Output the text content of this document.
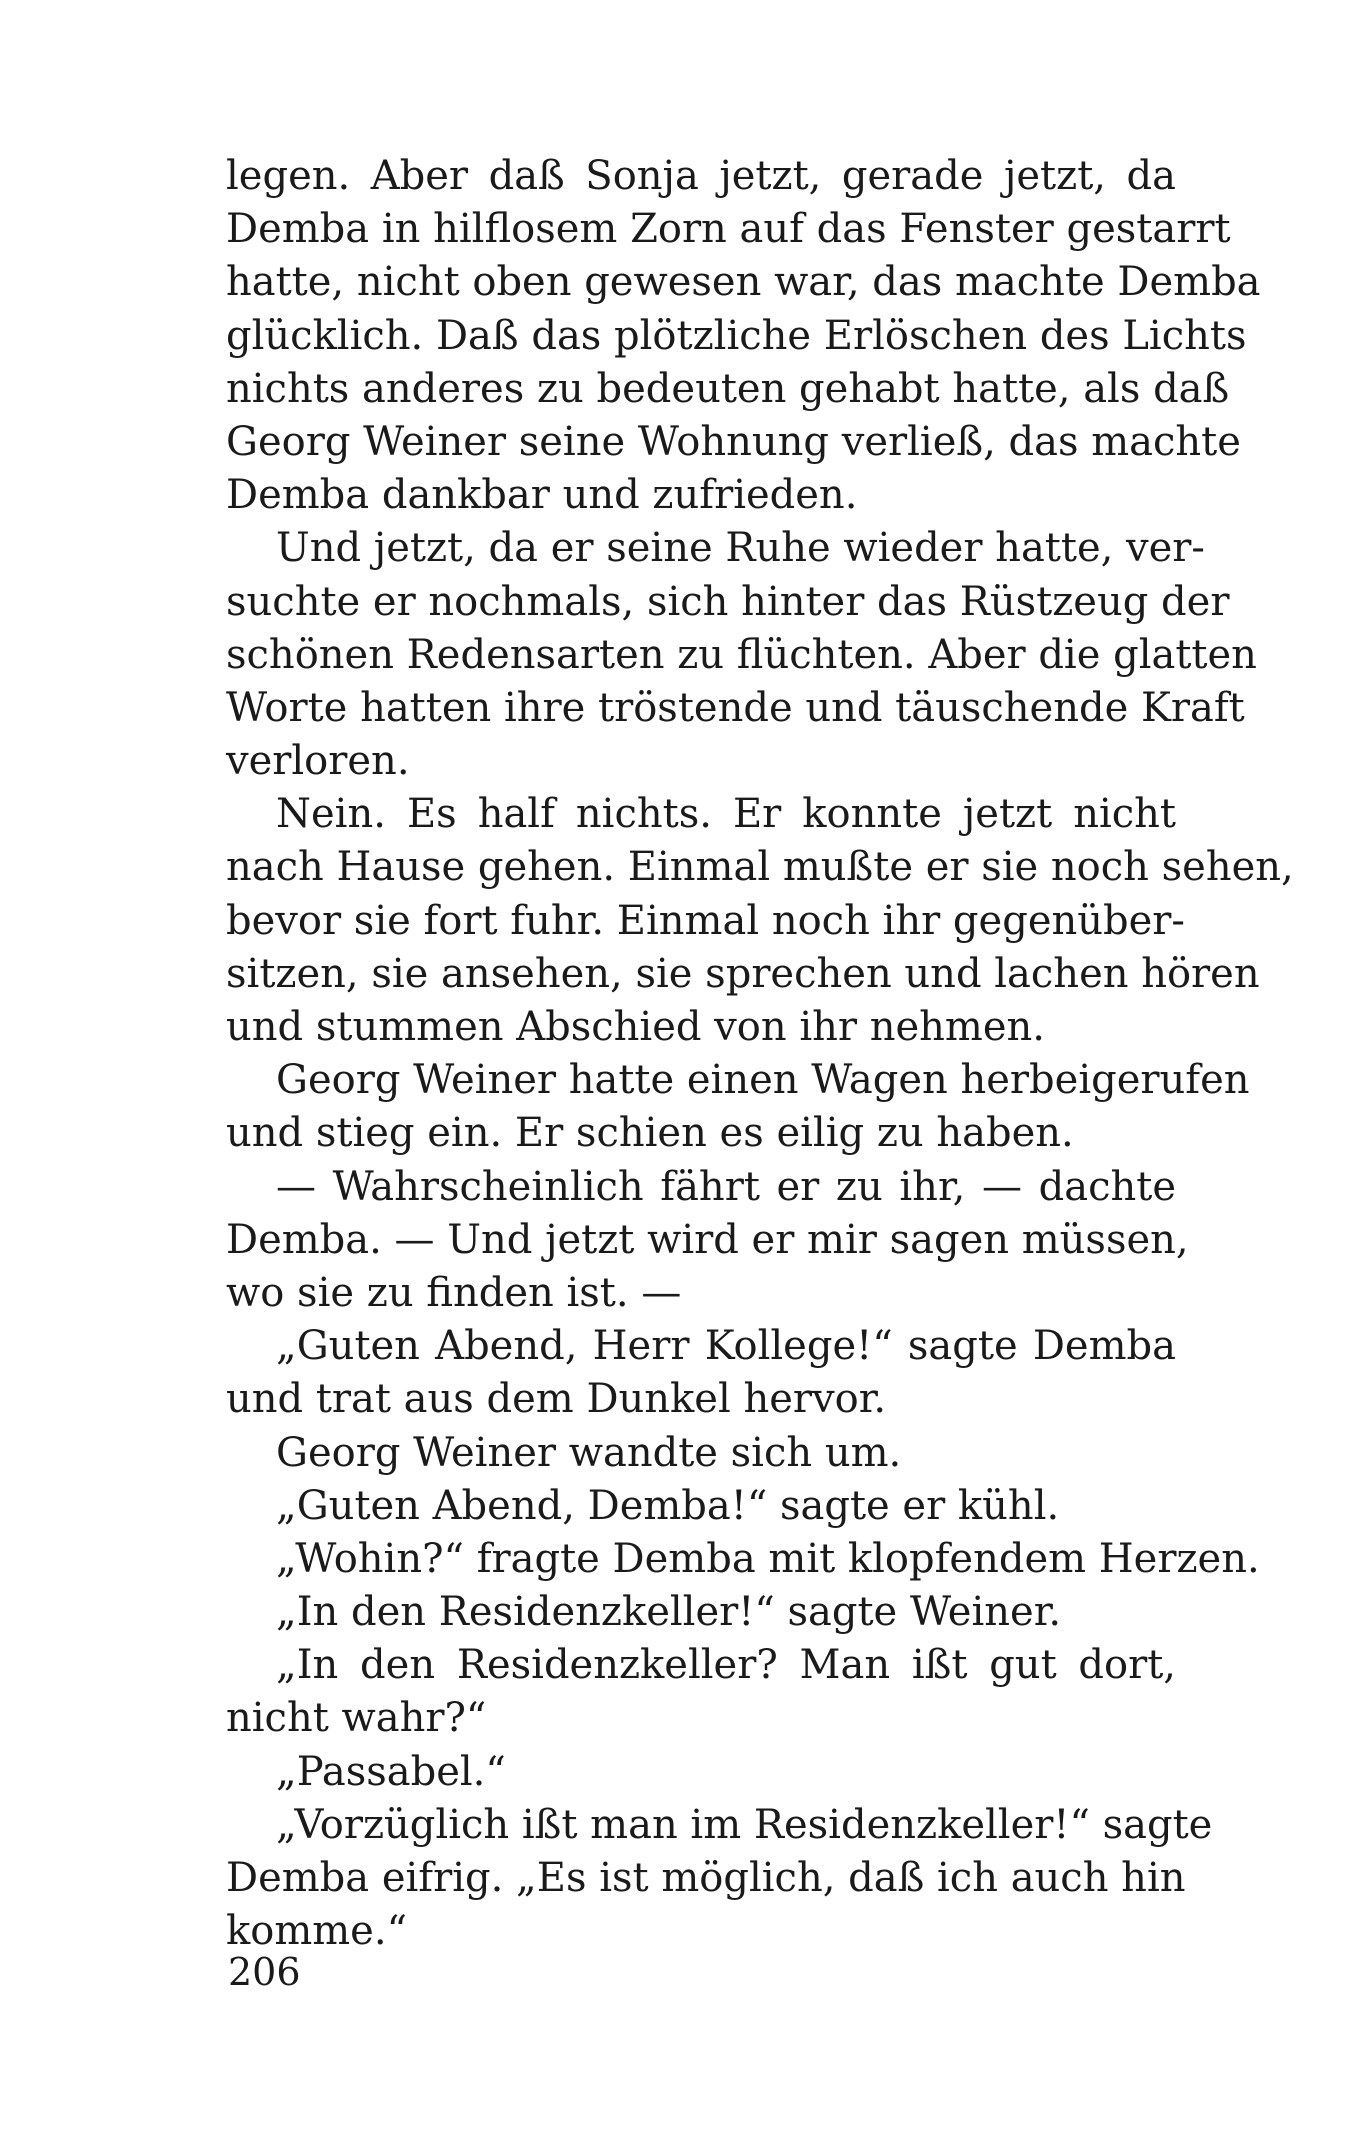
legen. Aber daß Sonja jetzt, gerade jetzt, da
Demba in hilflosem Zorn auf das Fenster gestarrt
hatte, nicht oben gewesen war, das machte Demba
glücklich. Daß das plötzliche Erlöschen des Lichts
nichts anderes zu bedeuten gehabt hatte, als daß
Georg Weiner seine Wohnung verließ, das machte
Demba dankbar und zufrieden.
Und jetzt, da er seine Ruhe wieder hatte, ver-
suchte er nochmals, sich hinter das Rüstzeug der
schönen Redensarten zu flüchten. Aber die glatten
Worte hatten ihre tröstende und täuschende Kraft
verloren.
Nein. Es half nichts. Er konnte jetzt nicht
nach Hause gehen. Einmal mußte er sie noch sehen,
bevor sie fort fuhr. Einmal noch ihr gegenüber-
sitzen, sie ansehen, sie sprechen und lachen hören
und stummen Abschied von ihr nehmen.
Georg Weiner hatte einen Wagen herbeigerufen
und stieg ein. Er schien es eilig zu haben.
— Wahrscheinlich fährt er zu ihr, — dachte
Demba. — Und jetzt wird er mir sagen müssen,
wo sie zu finden ist. —
„Guten Abend, Herr Kollege!“ sagte Demba
und trat aus dem Dunkel hervor.
Georg Weiner wandte sich um.
„Guten Abend, Demba!“ sagte er kühl.
„Wohin?“ fragte Demba mit klopfendem Herzen.
„In den Residenzkeller!“ sagte Weiner.
„In den Residenzkeller? Man ißt gut dort,
nicht wahr?“
„Passabel.“
„Vorzüglich ißt man im Residenzkeller!“ sagte
Demba eifrig. „Es ist möglich, daß ich auch hin
komme.“
206
